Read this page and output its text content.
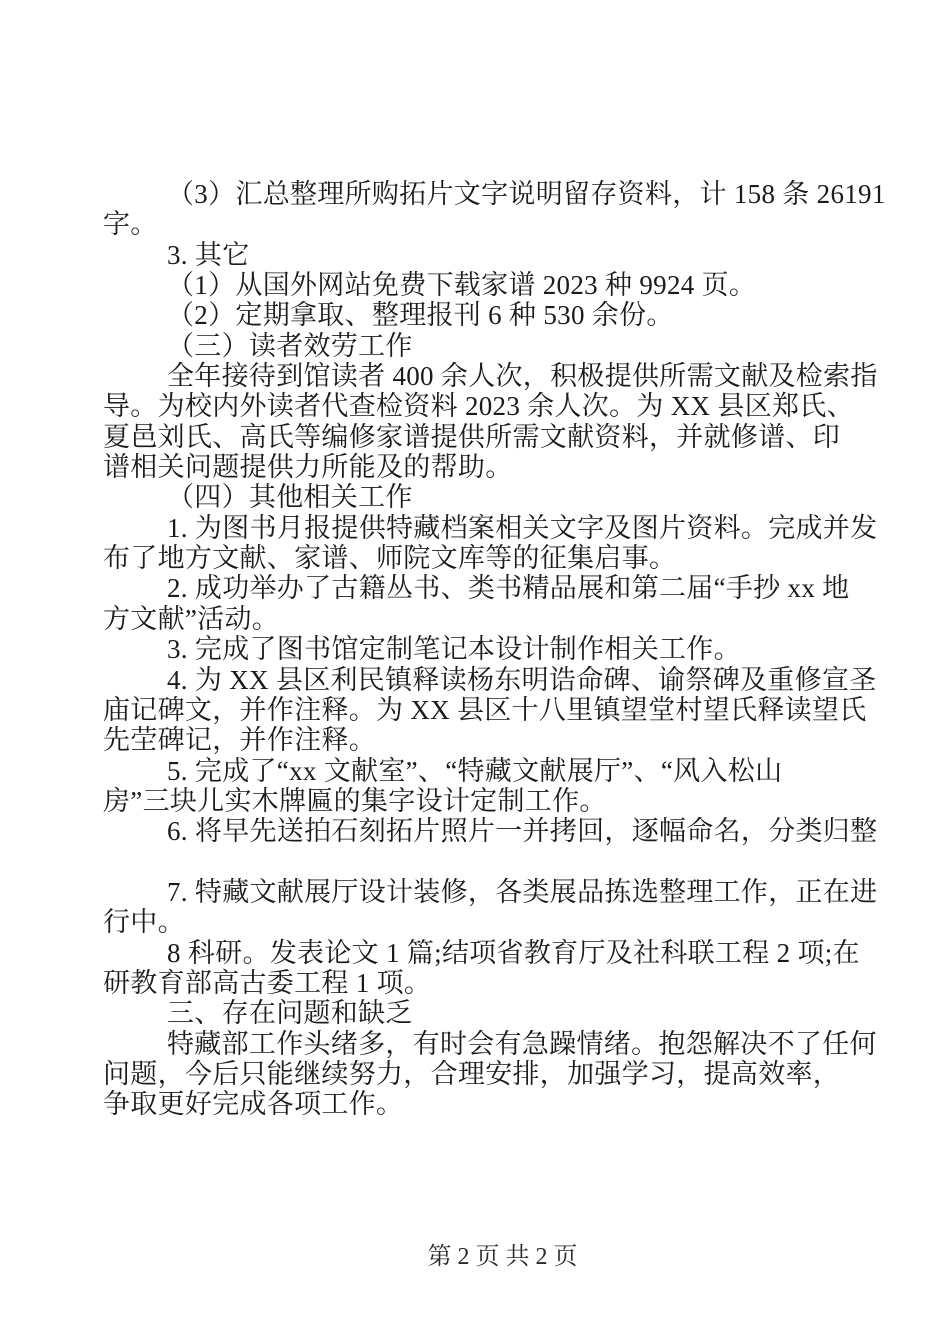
（3）汇总整理所购拓片文字说明留存资料，计 158 条 26191

字。

3. 其它

（1）从国外网站免费下载家谱 2023 种 9924 页。

（2）定期拿取、整理报刊 6 种 530 余份。

（三）读者效劳工作

全年接待到馆读者 400 余人次，积极提供所需文献及检索指

导。为校内外读者代查检资料 2023 余人次。为 XX 县区郑氏、

夏邑刘氏、高氏等编修家谱提供所需文献资料，并就修谱、印

谱相关问题提供力所能及的帮助。

（四）其他相关工作

1. 为图书月报提供特藏档案相关文字及图片资料。完成并发

布了地方文献、家谱、师院文库等的征集启事。

2. 成功举办了古籍丛书、类书精品展和第二届“手抄 xx 地

方文献”活动。

3. 完成了图书馆定制笔记本设计制作相关工作。

4. 为 XX 县区利民镇释读杨东明诰命碑、谕祭碑及重修宣圣

庙记碑文，并作注释。为 XX 县区十八里镇望堂村望氏释读望氏

先茔碑记，并作注释。

5. 完成了“xx 文献室”、“特藏文献展厅”、“风入松山

房”三块儿实木牌匾的集字设计定制工作。

6. 将早先送拍石刻拓片照片一并拷回，逐幅命名，分类归整

7. 特藏文献展厅设计装修，各类展品拣选整理工作，正在进

行中。

8 科研。发表论文 1 篇;结项省教育厅及社科联工程 2 项;在

研教育部高古委工程 1 项。

三、存在问题和缺乏

特藏部工作头绪多，有时会有急躁情绪。抱怨解决不了任何

问题，今后只能继续努力，合理安排，加强学习，提高效率，

争取更好完成各项工作。

第 2 页 共 2 页
